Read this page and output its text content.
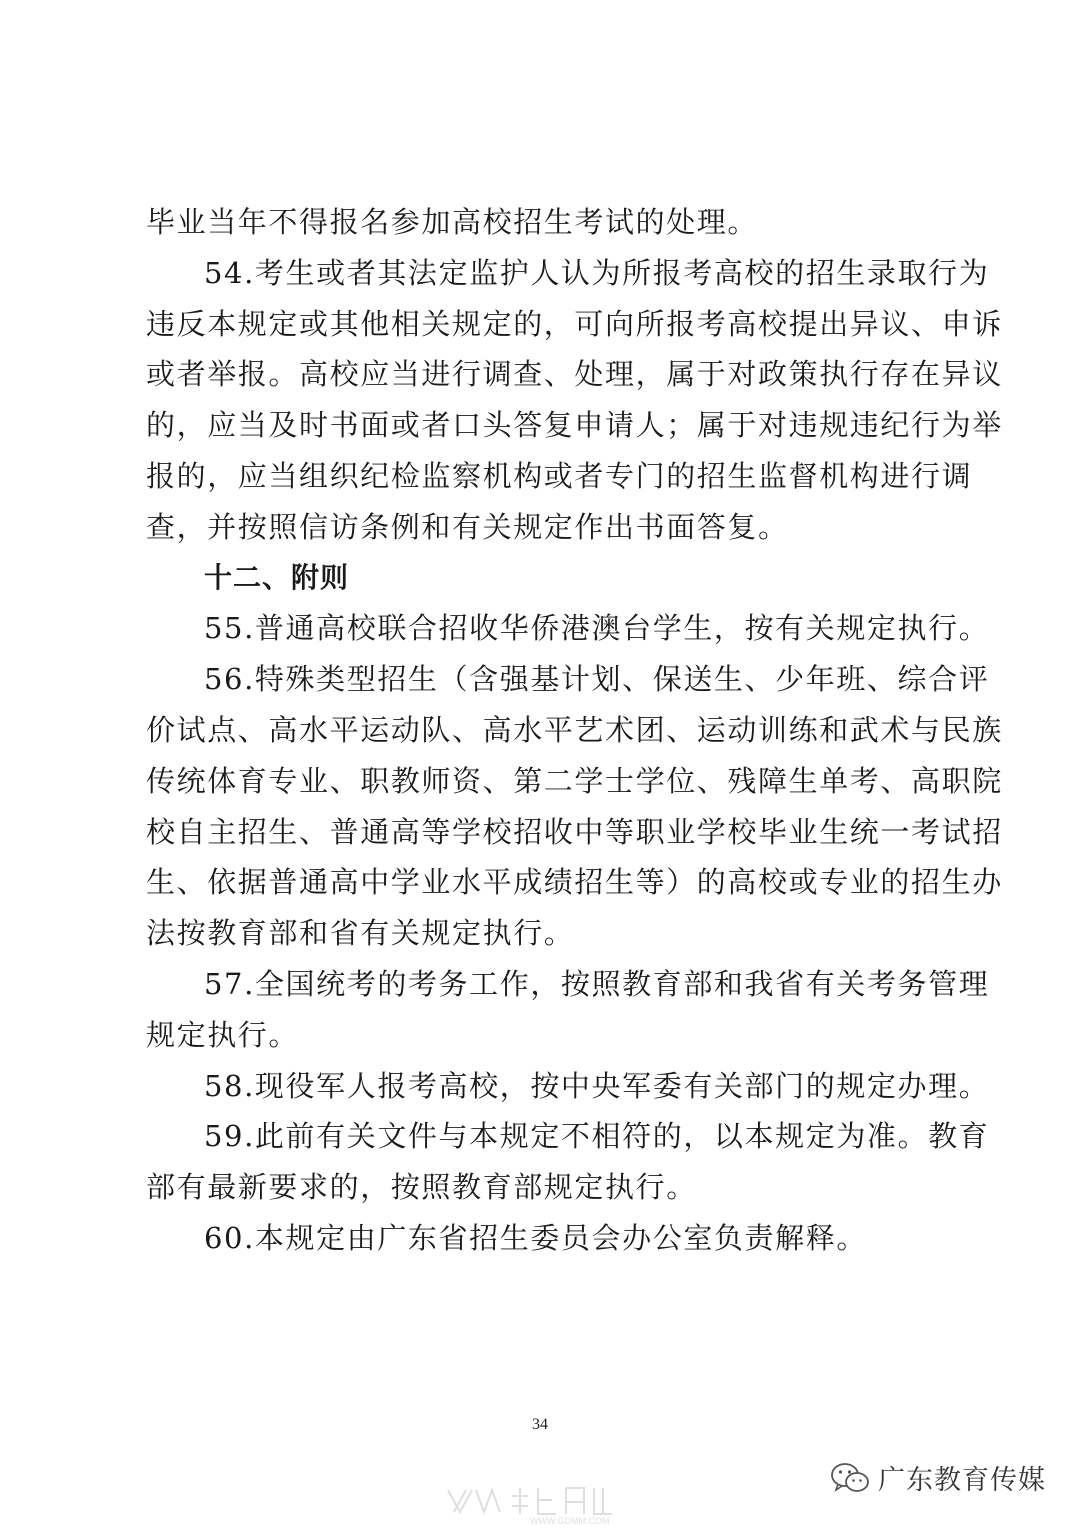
毕业当年不得报名参加高校招生考试的处理。
54.考生或者其法定监护人认为所报考高校的招生录取行为
违反本规定或其他相关规定的，可向所报考高校提出异议、申诉
或者举报。高校应当进行调查、处理，属于对政策执行存在异议
的，应当及时书面或者口头答复申请人；属于对违规违纪行为举
报的，应当组织纪检监察机构或者专门的招生监督机构进行调
查，并按照信访条例和有关规定作出书面答复。
十二、附则
55.普通高校联合招收华侨港澳台学生，按有关规定执行。
56.特殊类型招生（含强基计划、保送生、少年班、综合评
价试点、高水平运动队、高水平艺术团、运动训练和武术与民族
传统体育专业、职教师资、第二学士学位、残障生单考、高职院
校自主招生、普通高等学校招收中等职业学校毕业生统一考试招
生、依据普通高中学业水平成绩招生等）的高校或专业的招生办
法按教育部和省有关规定执行。
57.全国统考的考务工作，按照教育部和我省有关考务管理
规定执行。
58.现役军人报考高校，按中央军委有关部门的规定办理。
59.此前有关文件与本规定不相符的，以本规定为准。教育
部有最新要求的，按照教育部规定执行。
60.本规定由广东省招生委员会办公室负责解释。
34
WWW.GDMM.COM
广东教育传媒
